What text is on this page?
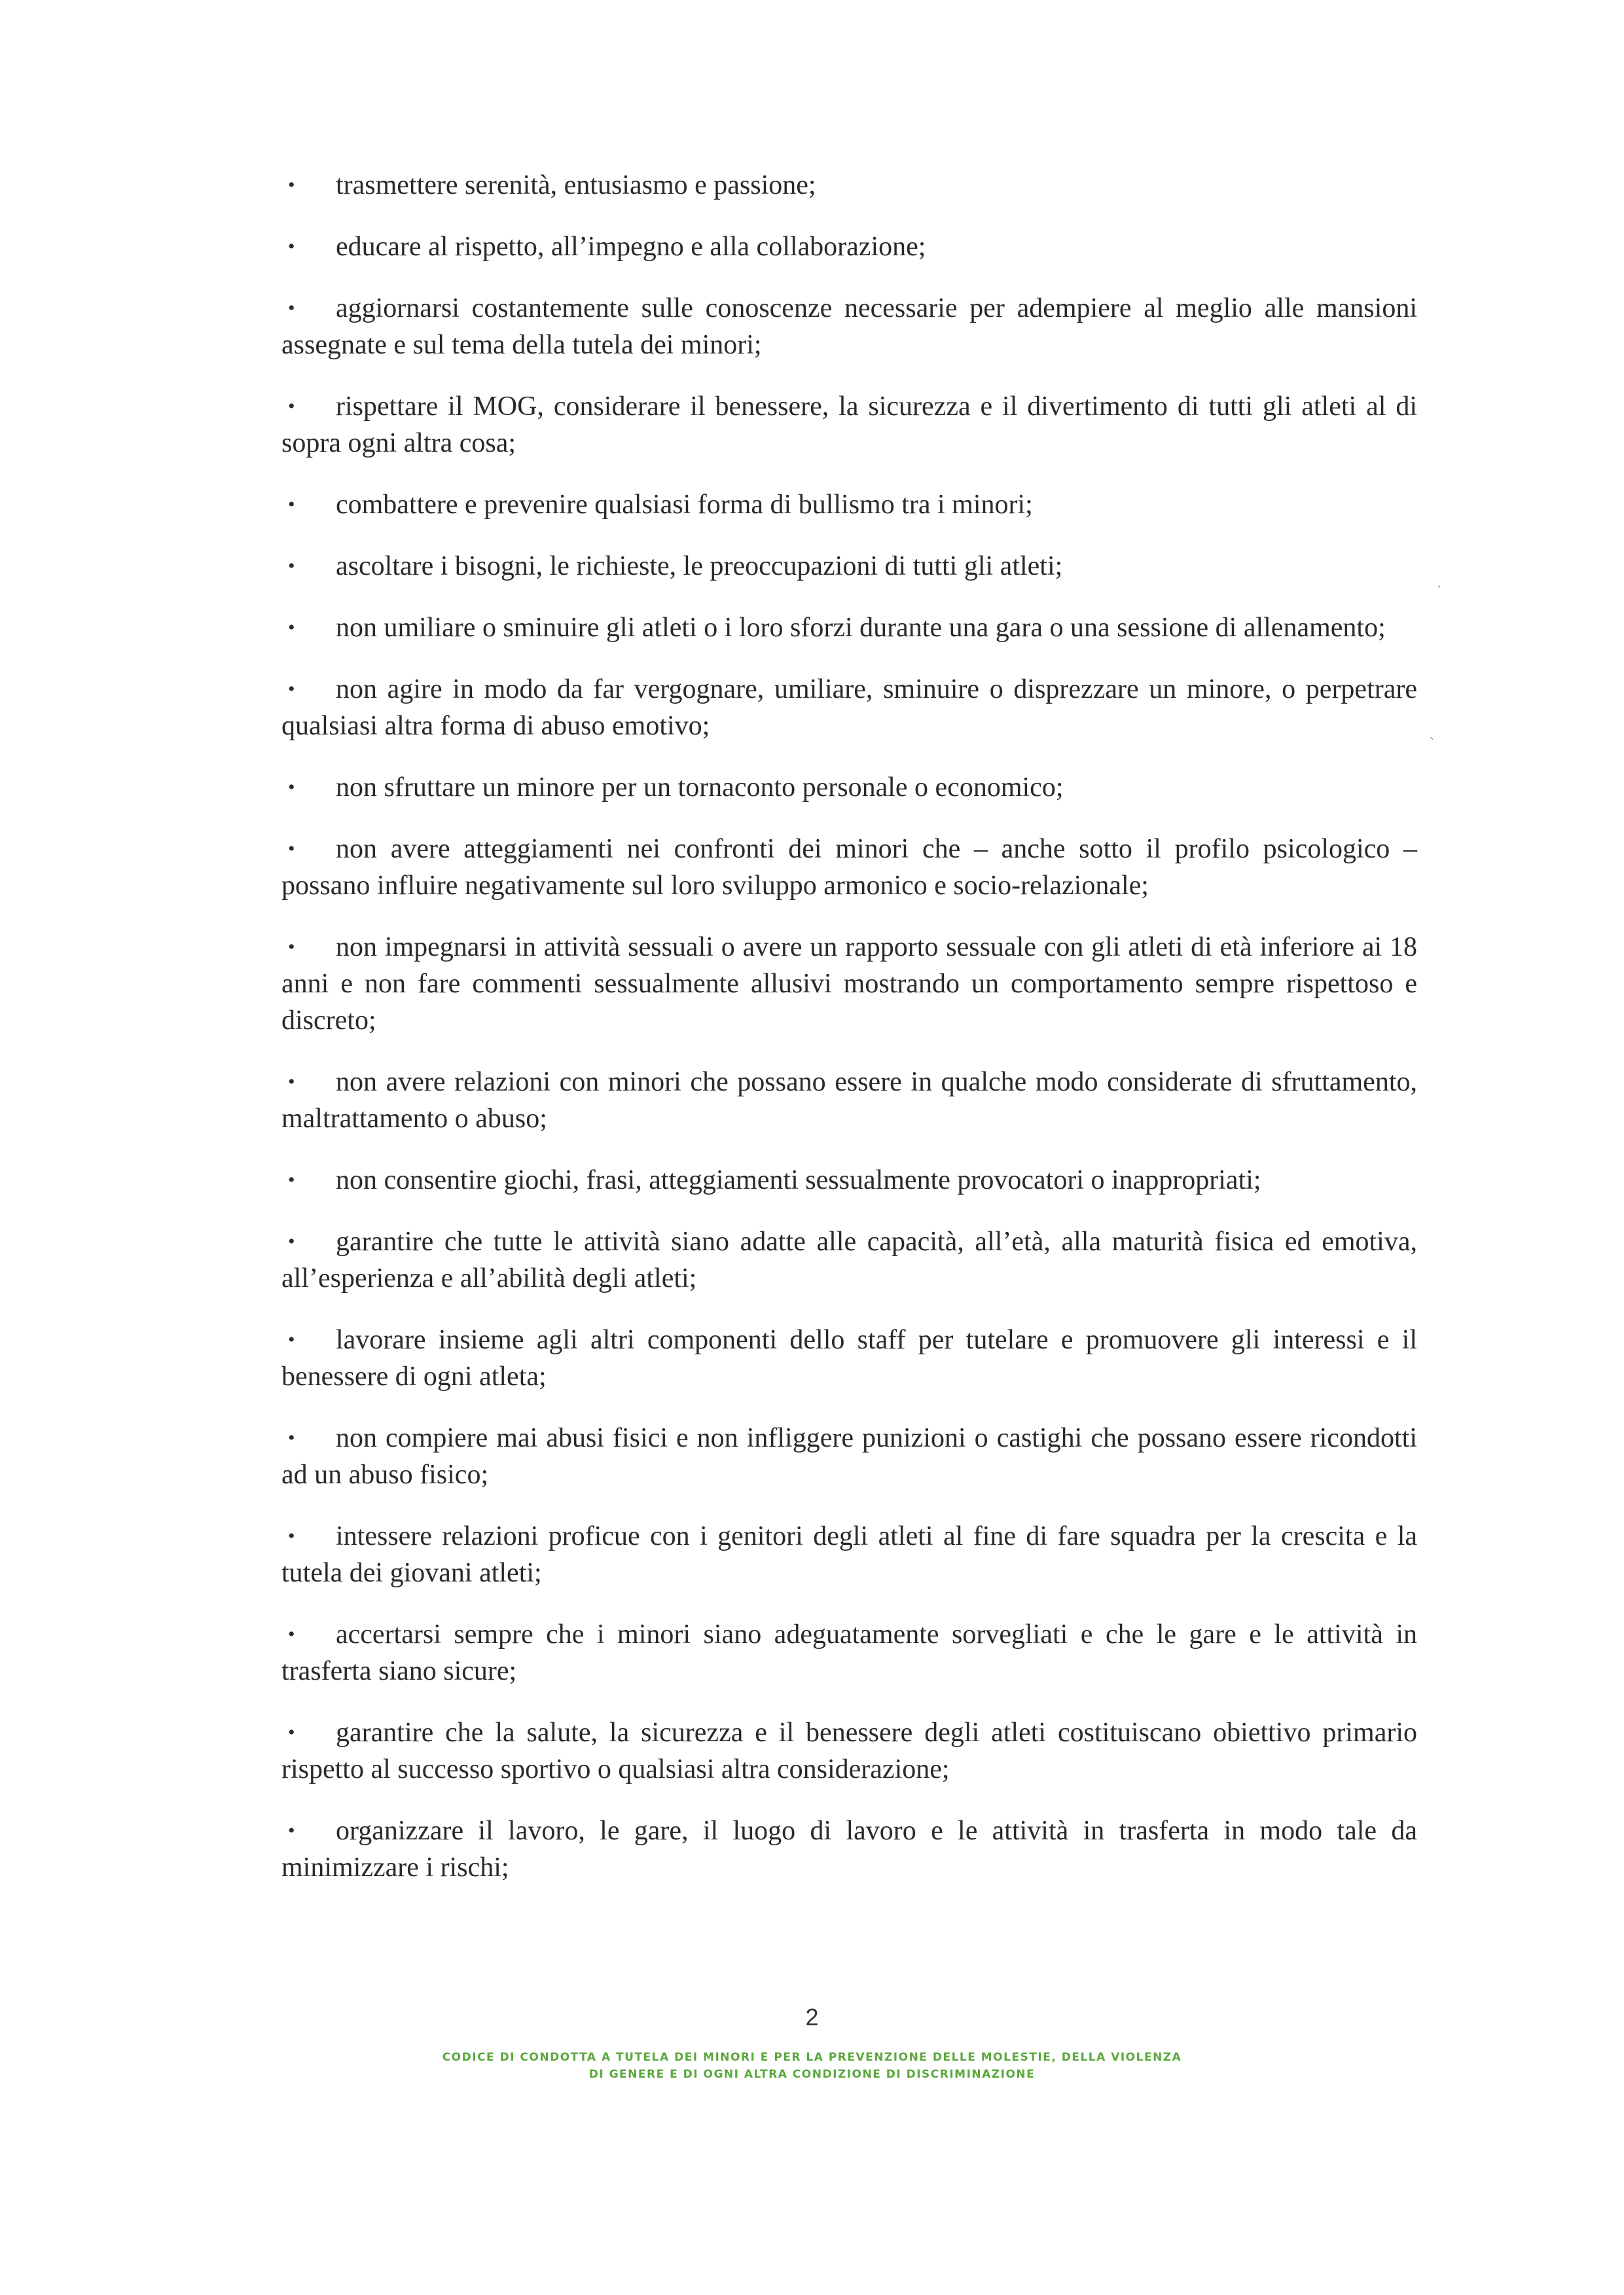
• trasmettere serenità, entusiasmo e passione;
• educare al rispetto, all’impegno e alla collaborazione;
• aggiornarsi costantemente sulle conoscenze necessarie per adempiere al meglio alle mansioni assegnate e sul tema della tutela dei minori;
• rispettare il MOG, considerare il benessere, la sicurezza e il divertimento di tutti gli atleti al di sopra ogni altra cosa;
• combattere e prevenire qualsiasi forma di bullismo tra i minori;
• ascoltare i bisogni, le richieste, le preoccupazioni di tutti gli atleti;
• non umiliare o sminuire gli atleti o i loro sforzi durante una gara o una sessione di allenamento;
• non agire in modo da far vergognare, umiliare, sminuire o disprezzare un minore, o perpetrare qualsiasi altra forma di abuso emotivo;
• non sfruttare un minore per un tornaconto personale o economico;
• non avere atteggiamenti nei confronti dei minori che – anche sotto il profilo psicologico – possano influire negativamente sul loro sviluppo armonico e socio-relazionale;
• non impegnarsi in attività sessuali o avere un rapporto sessuale con gli atleti di età inferiore ai 18 anni e non fare commenti sessualmente allusivi mostrando un comportamento sempre rispettoso e discreto;
• non avere relazioni con minori che possano essere in qualche modo considerate di sfruttamento, maltrattamento o abuso;
• non consentire giochi, frasi, atteggiamenti sessualmente provocatori o inappropriati;
• garantire che tutte le attività siano adatte alle capacità, all’età, alla maturità fisica ed emotiva, all’esperienza e all’abilità degli atleti;
• lavorare insieme agli altri componenti dello staff per tutelare e promuovere gli interessi e il benessere di ogni atleta;
• non compiere mai abusi fisici e non infliggere punizioni o castighi che possano essere ricondotti ad un abuso fisico;
• intessere relazioni proficue con i genitori degli atleti al fine di fare squadra per la crescita e la tutela dei giovani atleti;
• accertarsi sempre che i minori siano adeguatamente sorvegliati e che le gare e le attività in trasferta siano sicure;
• garantire che la salute, la sicurezza e il benessere degli atleti costituiscano obiettivo primario rispetto al successo sportivo o qualsiasi altra considerazione;
• organizzare il lavoro, le gare, il luogo di lavoro e le attività in trasferta in modo tale da minimizzare i rischi;
2
CODICE DI CONDOTTA A TUTELA DEI MINORI E PER LA PREVENZIONE DELLE MOLESTIE, DELLA VIOLENZA
DI GENERE E DI OGNI ALTRA CONDIZIONE DI DISCRIMINAZIONE
·
`
